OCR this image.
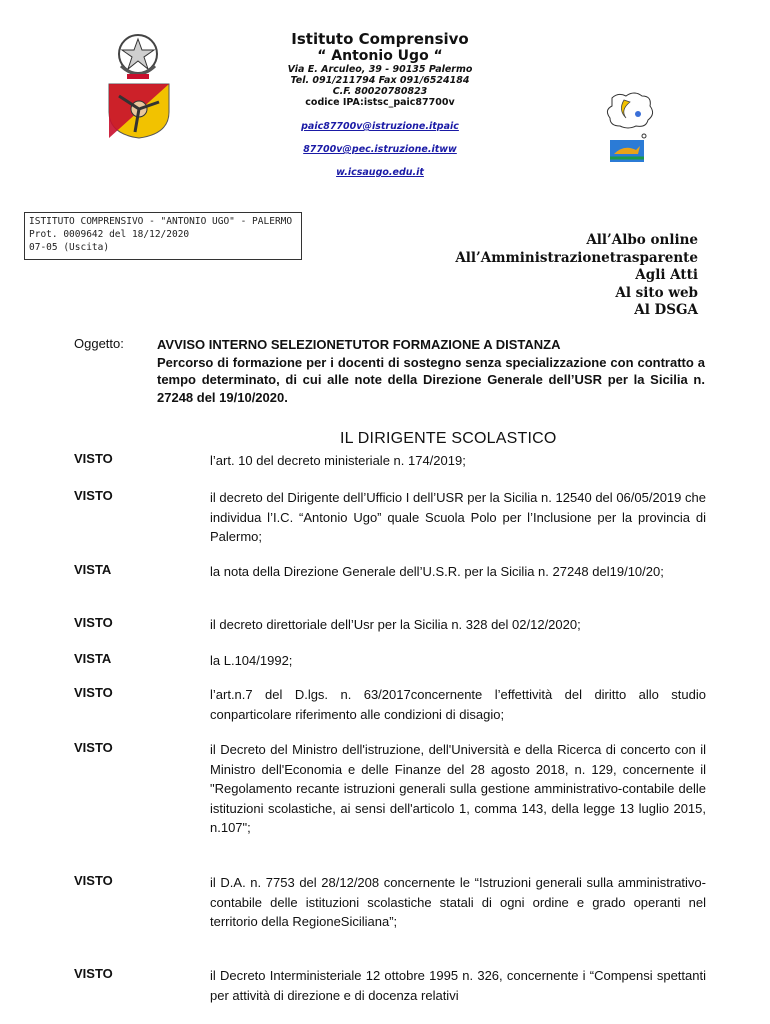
Istituto Comprensivo
“ Antonio Ugo “
Via E. Arculeo, 39 - 90135 Palermo
Tel. 091/211794 Fax 091/6524184
C.F. 80020780823
codice IPA:istsc_paic87700v
paic87700v@istruzione.itpaic
87700v@pec.istruzione.itww
w.icsaugo.edu.it
ISTITUTO COMPRENSIVO - "ANTONIO UGO" - PALERMO
Prot. 0009642 del 18/12/2020
07-05 (Uscita)	All’Albo online
All’Amministrazionetrasparente
Agli Atti
Al sito web
Al DSGA
Oggetto:	AVVISO INTERNO SELEZIONETUTOR FORMAZIONE A DISTANZA
Percorso di formazione per i docenti di sostegno senza specializzazione con contratto a tempo determinato, di cui alle note della Direzione Generale dell’USR per la Sicilia n. 27248 del 19/10/2020.
IL DIRIGENTE SCOLASTICO
VISTO	l’art. 10 del decreto ministeriale n. 174/2019;
VISTO	il decreto del Dirigente dell’Ufficio I dell’USR per la Sicilia n. 12540 del 06/05/2019 che individua l’I.C. “Antonio Ugo” quale Scuola Polo per l’Inclusione per la provincia di Palermo;
VISTA	la nota della Direzione Generale dell’U.S.R. per la Sicilia n. 27248 del19/10/20;
VISTO	il decreto direttoriale dell’Usr per la Sicilia n. 328 del 02/12/2020;
VISTA	la L.104/1992;
VISTO	l’art.n.7 del D.lgs. n. 63/2017concernente l’effettività del diritto allo studio conparticolare riferimento alle condizioni di disagio;
VISTO	il Decreto del Ministro dell'istruzione, dell'Università e della Ricerca di concerto con il Ministro dell'Economia e delle Finanze del 28 agosto 2018, n. 129, concernente il "Regolamento recante istruzioni generali sulla gestione amministrativo-contabile delle istituzioni scolastiche, ai sensi dell'articolo 1, comma 143, della legge 13 luglio 2015, n.107";
VISTO	il D.A. n. 7753 del 28/12/208 concernente le “Istruzioni generali sulla amministrativo-contabile delle istituzioni scolastiche statali di ogni ordine e grado operanti nel territorio della RegioneSiciliana”;
VISTO	il Decreto Interministeriale 12 ottobre 1995 n. 326, concernente i “Compensi spettanti per attività di direzione e di docenza relativi
